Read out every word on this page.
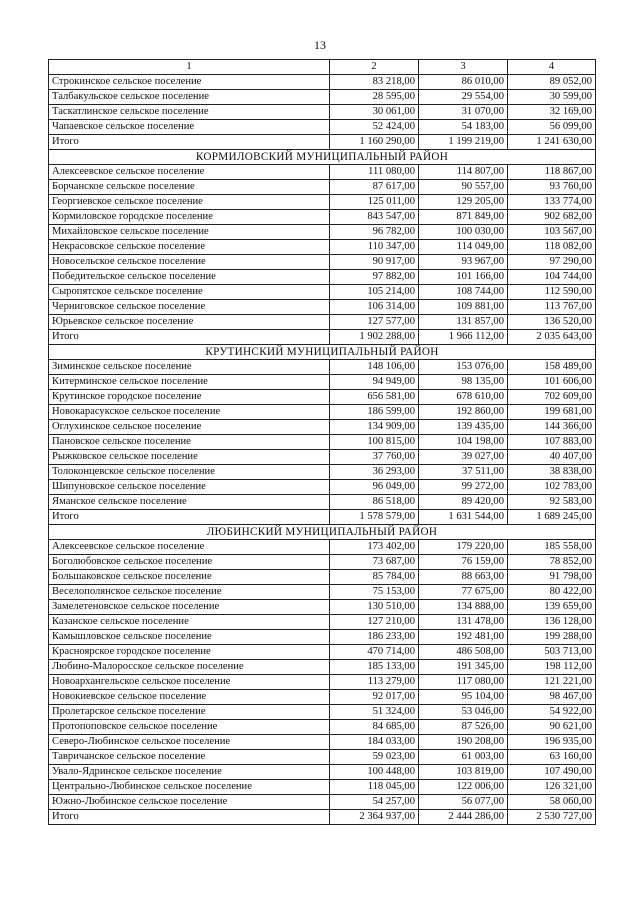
13
1	2	3	4
Строкинское сельское поселение	83 218,00	86 010,00	89 052,00
Талбакульское сельское поселение	28 595,00	29 554,00	30 599,00
Таскатлинское сельское поселение	30 061,00	31 070,00	32 169,00
Чапаевское сельское поселение	52 424,00	54 183,00	56 099,00
Итого	1 160 290,00	1 199 219,00	1 241 630,00
КОРМИЛОВСКИЙ МУНИЦИПАЛЬНЫЙ РАЙОН			
Алексеевское сельское поселение	111 080,00	114 807,00	118 867,00
Борчанское сельское поселение	87 617,00	90 557,00	93 760,00
Георгиевское сельское поселение	125 011,00	129 205,00	133 774,00
Кормиловское городское поселение	843 547,00	871 849,00	902 682,00
Михайловское сельское поселение	96 782,00	100 030,00	103 567,00
Некрасовское сельское поселение	110 347,00	114 049,00	118 082,00
Новосельское сельское поселение	90 917,00	93 967,00	97 290,00
Победительское сельское поселение	97 882,00	101 166,00	104 744,00
Сыропятское сельское поселение	105 214,00	108 744,00	112 590,00
Черниговское сельское поселение	106 314,00	109 881,00	113 767,00
Юрьевское сельское поселение	127 577,00	131 857,00	136 520,00
Итого	1 902 288,00	1 966 112,00	2 035 643,00
КРУТИНСКИЙ МУНИЦИПАЛЬНЫЙ РАЙОН			
Зиминское сельское поселение	148 106,00	153 076,00	158 489,00
Китерминское сельское поселение	94 949,00	98 135,00	101 606,00
Крутинское городское поселение	656 581,00	678 610,00	702 609,00
Новокарасукское сельское поселение	186 599,00	192 860,00	199 681,00
Оглухинское сельское поселение	134 909,00	139 435,00	144 366,00
Пановское сельское поселение	100 815,00	104 198,00	107 883,00
Рыжковское сельское поселение	37 760,00	39 027,00	40 407,00
Толоконцевское сельское поселение	36 293,00	37 511,00	38 838,00
Шипуновское сельское поселение	96 049,00	99 272,00	102 783,00
Яманское сельское поселение	86 518,00	89 420,00	92 583,00
Итого	1 578 579,00	1 631 544,00	1 689 245,00
ЛЮБИНСКИЙ МУНИЦИПАЛЬНЫЙ РАЙОН			
Алексеевское сельское поселение	173 402,00	179 220,00	185 558,00
Боголюбовское сельское поселение	73 687,00	76 159,00	78 852,00
Большаковское сельское поселение	85 784,00	88 663,00	91 798,00
Веселополянское сельское поселение	75 153,00	77 675,00	80 422,00
Замелетеновское сельское поселение	130 510,00	134 888,00	139 659,00
Казанское сельское поселение	127 210,00	131 478,00	136 128,00
Камышловское сельское поселение	186 233,00	192 481,00	199 288,00
Красноярское городское поселение	470 714,00	486 508,00	503 713,00
Любино-Малоросское сельское поселение	185 133,00	191 345,00	198 112,00
Новоархангельское сельское поселение	113 279,00	117 080,00	121 221,00
Новокиевское сельское поселение	92 017,00	95 104,00	98 467,00
Пролетарское сельское поселение	51 324,00	53 046,00	54 922,00
Протопоповское сельское поселение	84 685,00	87 526,00	90 621,00
Северо-Любинское сельское поселение	184 033,00	190 208,00	196 935,00
Тавричанское сельское поселение	59 023,00	61 003,00	63 160,00
Увало-Ядринское сельское поселение	100 448,00	103 819,00	107 490,00
Центрально-Любинское сельское поселение	118 045,00	122 006,00	126 321,00
Южно-Любинское сельское поселение	54 257,00	56 077,00	58 060,00
Итого	2 364 937,00	2 444 286,00	2 530 727,00
